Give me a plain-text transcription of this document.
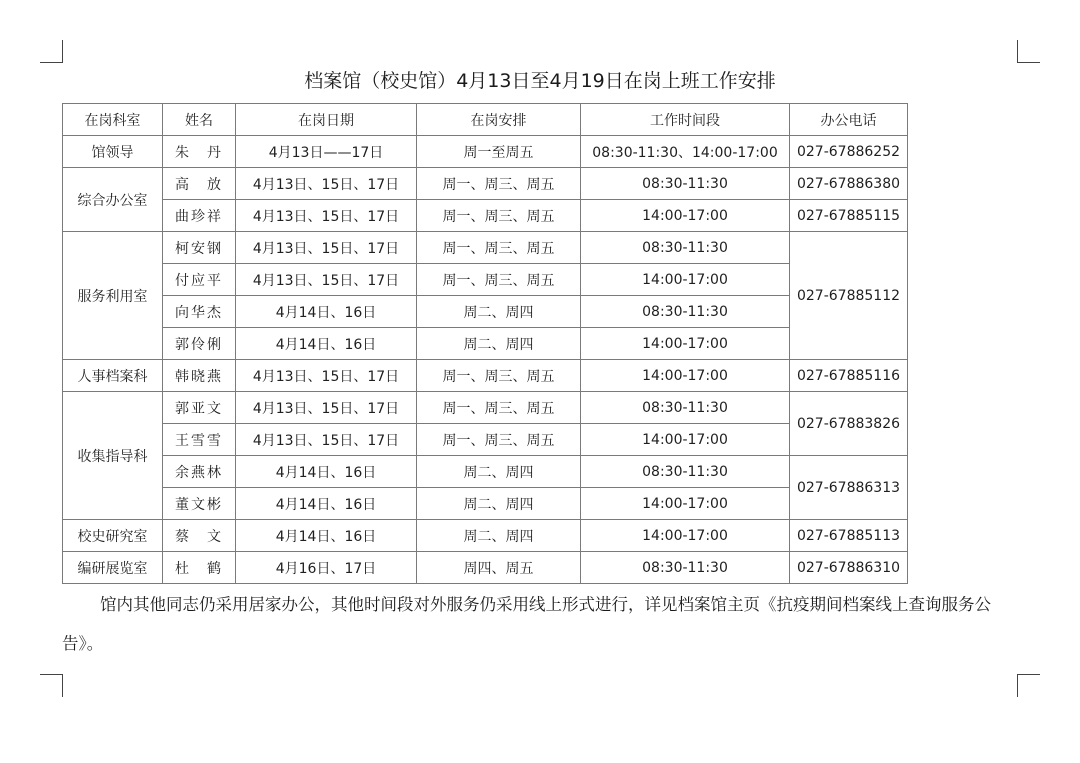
档案馆（校史馆）4月13日至4月19日在岗上班工作安排
在岗科室	姓名	在岗日期	在岗安排	工作时间段	办公电话
馆领导	朱　丹	4月13日——17日	周一至周五	08:30-11:30、14:00-17:00	027-67886252
综合办公室	高　放	4月13日、15日、17日	周一、周三、周五	08:30-11:30	027-67886380
	曲珍祥	4月13日、15日、17日	周一、周三、周五	14:00-17:00	027-67885115
服务利用室	柯安钢	4月13日、15日、17日	周一、周三、周五	08:30-11:30	027-67885112
	付应平	4月13日、15日、17日	周一、周三、周五	14:00-17:00	
	向华杰	4月14日、16日	周二、周四	08:30-11:30	
	郭伶俐	4月14日、16日	周二、周四	14:00-17:00	
人事档案科	韩晓燕	4月13日、15日、17日	周一、周三、周五	14:00-17:00	027-67885116
收集指导科	郭亚文	4月13日、15日、17日	周一、周三、周五	08:30-11:30	027-67883826
	王雪雪	4月13日、15日、17日	周一、周三、周五	14:00-17:00	
	余燕林	4月14日、16日	周二、周四	08:30-11:30	027-67886313
	董文彬	4月14日、16日	周二、周四	14:00-17:00	
校史研究室	蔡　文	4月14日、16日	周二、周四	14:00-17:00	027-67885113
编研展览室	杜　鹤	4月16日、17日	周四、周五	08:30-11:30	027-67886310
馆内其他同志仍采用居家办公，其他时间段对外服务仍采用线上形式进行，详见档案馆主页《抗疫期间档案线上查询服务公告》。
